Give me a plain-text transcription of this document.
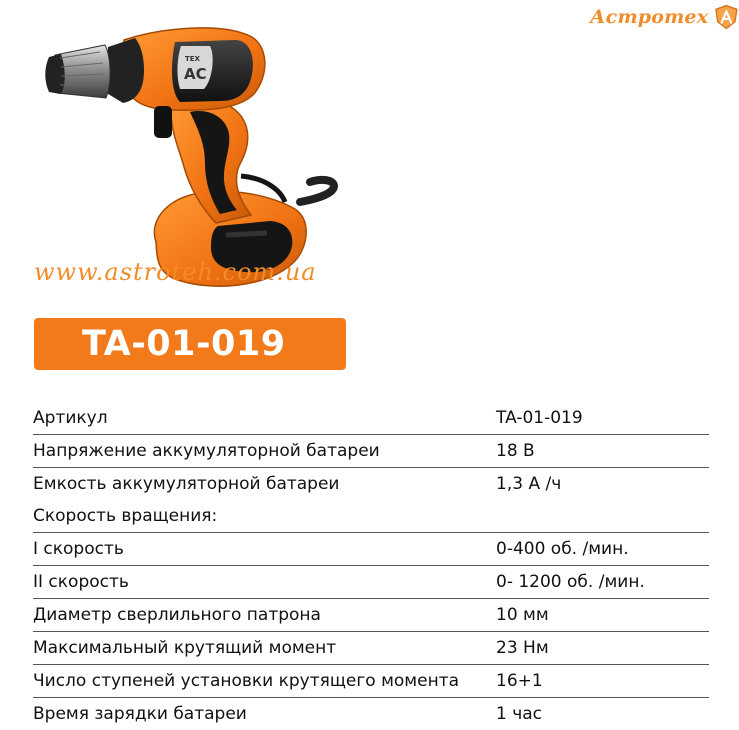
Астротех
TEX
АС
www.astroteh.com.ua
TA-01-019
Артикул	TA-01-019
Напряжение аккумуляторной батареи	18 В
Емкость аккумуляторной батареи	1,3 А /ч
Скорость вращения:
I скорость	0-400 об. /мин.
II скорость	0- 1200 об. /мин.
Диаметр сверлильного патрона	10 мм
Максимальный крутящий момент	23 Нм
Число ступеней установки крутящего момента 16+1
Время зарядки батареи	1 час
